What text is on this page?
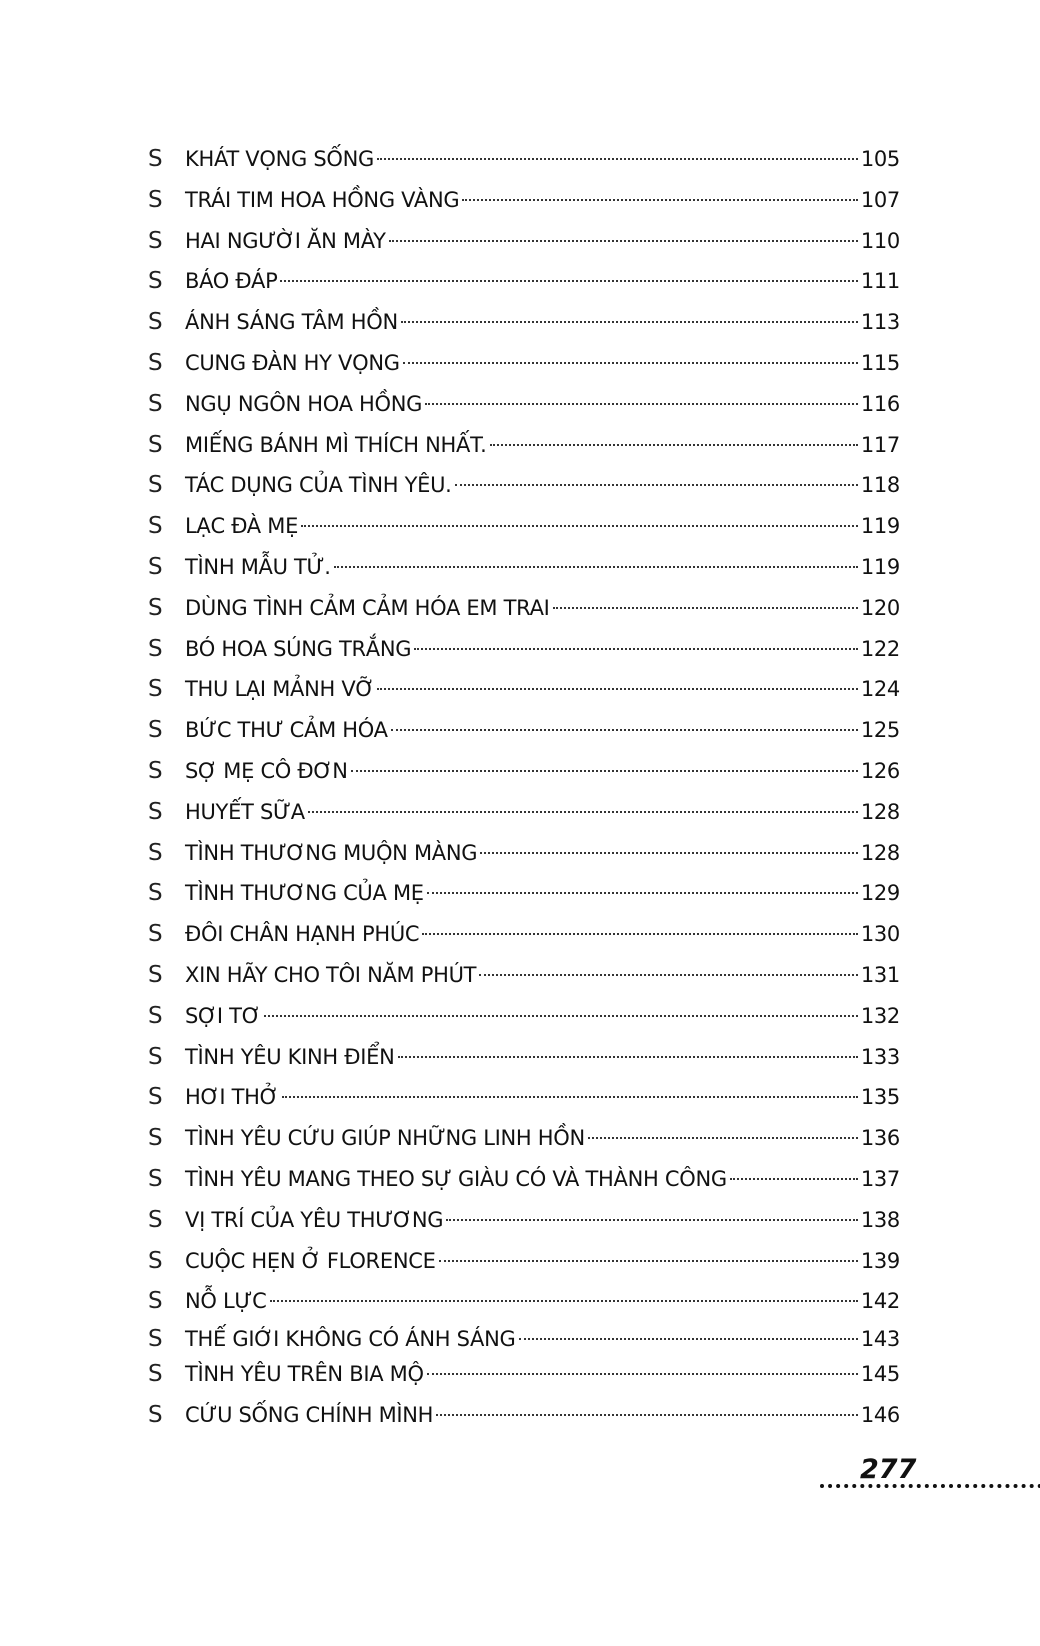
S	KHÁT VỌNG SỐNG	105
S	TRÁI TIM HOA HỒNG VÀNG	107
S	HAI NGƯỜI ĂN MÀY	110
S	BÁO ĐÁP	111
S	ÁNH SÁNG TÂM HỒN	113
S	CUNG ĐÀN HY VỌNG	115
S	NGỤ NGÔN HOA HỒNG	116
S	MIẾNG BÁNH MÌ THÍCH NHẤT.	117
S	TÁC DỤNG CỦA TÌNH YÊU.	118
S	LẠC ĐÀ MẸ	119
S	TÌNH MẪU TỬ.	119
S	DÙNG TÌNH CẢM CẢM HÓA EM TRAI	120
S	BÓ HOA SÚNG TRẮNG	122
S	THU LẠI MẢNH VỠ	124
S	BỨC THƯ CẢM HÓA	125
S	SỢ MẸ CÔ ĐƠN	126
S	HUYẾT SỮA	128
S	TÌNH THƯƠNG MUỘN MÀNG	128
S	TÌNH THƯƠNG CỦA MẸ	129
S	ĐÔI CHÂN HẠNH PHÚC	130
S	XIN HÃY CHO TÔI NĂM PHÚT	131
S	SỢI TƠ	132
S	TÌNH YÊU KINH ĐIỂN	133
S	HƠI THỞ	135
S	TÌNH YÊU CỨU GIÚP NHỮNG LINH HỒN	136
S	TÌNH YÊU MANG THEO SỰ GIÀU CÓ VÀ THÀNH CÔNG	137
S	VỊ TRÍ CỦA YÊU THƯƠNG	138
S	CUỘC HẸN Ở FLORENCE	139
S	NỖ LỰC	142
S	THẾ GIỚI KHÔNG CÓ ÁNH SÁNG	143
S	TÌNH YÊU TRÊN BIA MỘ	145
S	CỨU SỐNG CHÍNH MÌNH	146
277
